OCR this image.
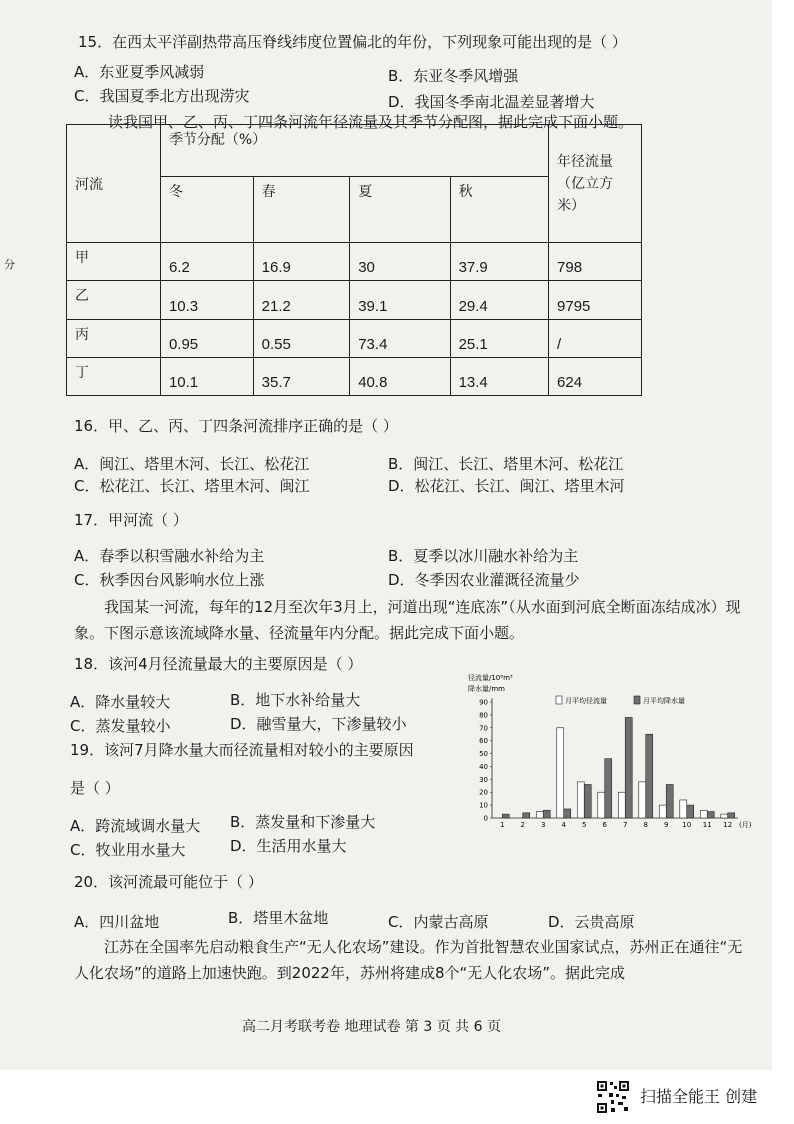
分
15．在西太平洋副热带高压脊线纬度位置偏北的年份，下列现象可能出现的是（ ）
A．东亚夏季风减弱	B．东亚冬季风增强
C．我国夏季北方出现涝灾	D．我国冬季南北温差显著增大
读我国甲、乙、丙、丁四条河流年径流量及其季节分配图，据此完成下面小题。
河流	季节分配（%）				年径流量（亿立方米）
	冬	春	夏	秋	
甲	6.2	16.9	30	37.9	798
乙	10.3	21.2	39.1	29.4	9795
丙	0.95	0.55	73.4	25.1	/
丁	10.1	35.7	40.8	13.4	624
16．甲、乙、丙、丁四条河流排序正确的是（ ）
A．闽江、塔里木河、长江、松花江	B．闽江、长江、塔里木河、松花江
C．松花江、长江、塔里木河、闽江	D．松花江、长江、闽江、塔里木河
17．甲河流（ ）
A．春季以积雪融水补给为主	B．夏季以冰川融水补给为主
C．秋季因台风影响水位上涨	D．冬季因农业灌溉径流量少
我国某一河流，每年的12月至次年3月上，河道出现“连底冻”（从水面到河底全断面冻结成冰）现象。下图示意该流域降水量、径流量年内分配。据此完成下面小题。
18．该河4月径流量最大的主要原因是（ ）
A．降水量较大	B．地下水补给量大
C．蒸发量较小	D．融雪量大，下渗量较小
19．该河7月降水量大而径流量相对较小的主要原因
是（ ）
A．跨流域调水量大 B．蒸发量和下渗量大
C．牧业用水量大	D．生活用水量大
径流量/10⁸m³
降水量/mm
0
10
20
30
40
50
60
70
80
90
1 2 3 4 5 6 7 8 9 10 11 12 (月)
月平均径流量	月平均降水量
20．该河流最可能位于（ ）
A．四川盆地	B．塔里木盆地	C．内蒙古高原	D．云贵高原
江苏在全国率先启动粮食生产“无人化农场”建设。作为首批智慧农业国家试点，苏州正在通往“无人化农场”的道路上加速快跑。到2022年，苏州将建成8个“无人化农场”。据此完成
高二月考联考卷 地理试卷 第 3 页 共 6 页
扫描全能王 创建
